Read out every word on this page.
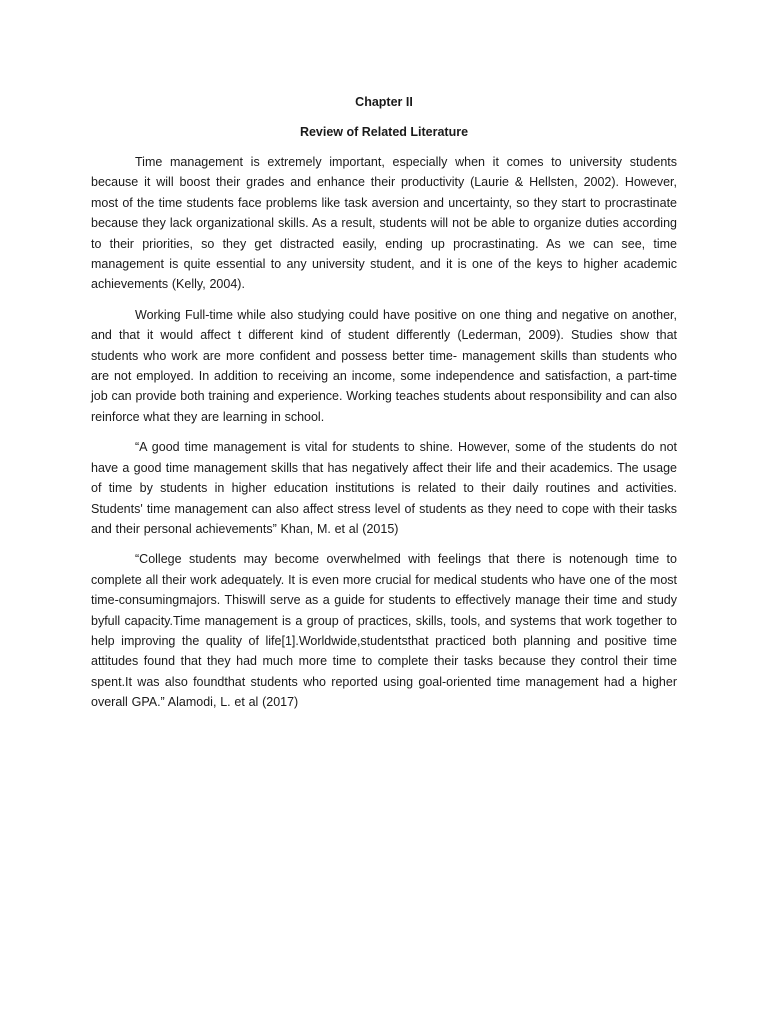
Chapter II
Review of Related Literature

Time management is extremely important, especially when it comes to university students because it will boost their grades and enhance their productivity (Laurie & Hellsten, 2002). However, most of the time students face problems like task aversion and uncertainty, so they start to procrastinate because they lack organizational skills. As a result, students will not be able to organize duties according to their priorities, so they get distracted easily, ending up procrastinating. As we can see, time management is quite essential to any university student, and it is one of the keys to higher academic achievements (Kelly, 2004).

Working Full-time while also studying could have positive on one thing and negative on another, and that it would affect t different kind of student differently (Lederman, 2009). Studies show that students who work are more confident and possess better time- management skills than students who are not employed. In addition to receiving an income, some independence and satisfaction, a part-time job can provide both training and experience. Working teaches students about responsibility and can also reinforce what they are learning in school.

“A good time management is vital for students to shine. However, some of the students do not have a good time management skills that has negatively affect their life and their academics. The usage of time by students in higher education institutions is related to their daily routines and activities. Students' time management can also affect stress level of students as they need to cope with their tasks and their personal achievements” Khan, M. et al (2015)

“College students may become overwhelmed with feelings that there is notenough time to complete all their work adequately. It is even more crucial for medical students who have one of the most time-consumingmajors. Thiswill serve as a guide for students to effectively manage their time and study byfull capacity.Time management is a group of practices, skills, tools, and systems that work together to help improving the quality of life[1].Worldwide,studentsthat practiced both planning and positive time attitudes found that they had much more time to complete their tasks because they control their time spent.It was also foundthat students who reported using goal-oriented time management had a higher overall GPA.” Alamodi, L. et al (2017)
